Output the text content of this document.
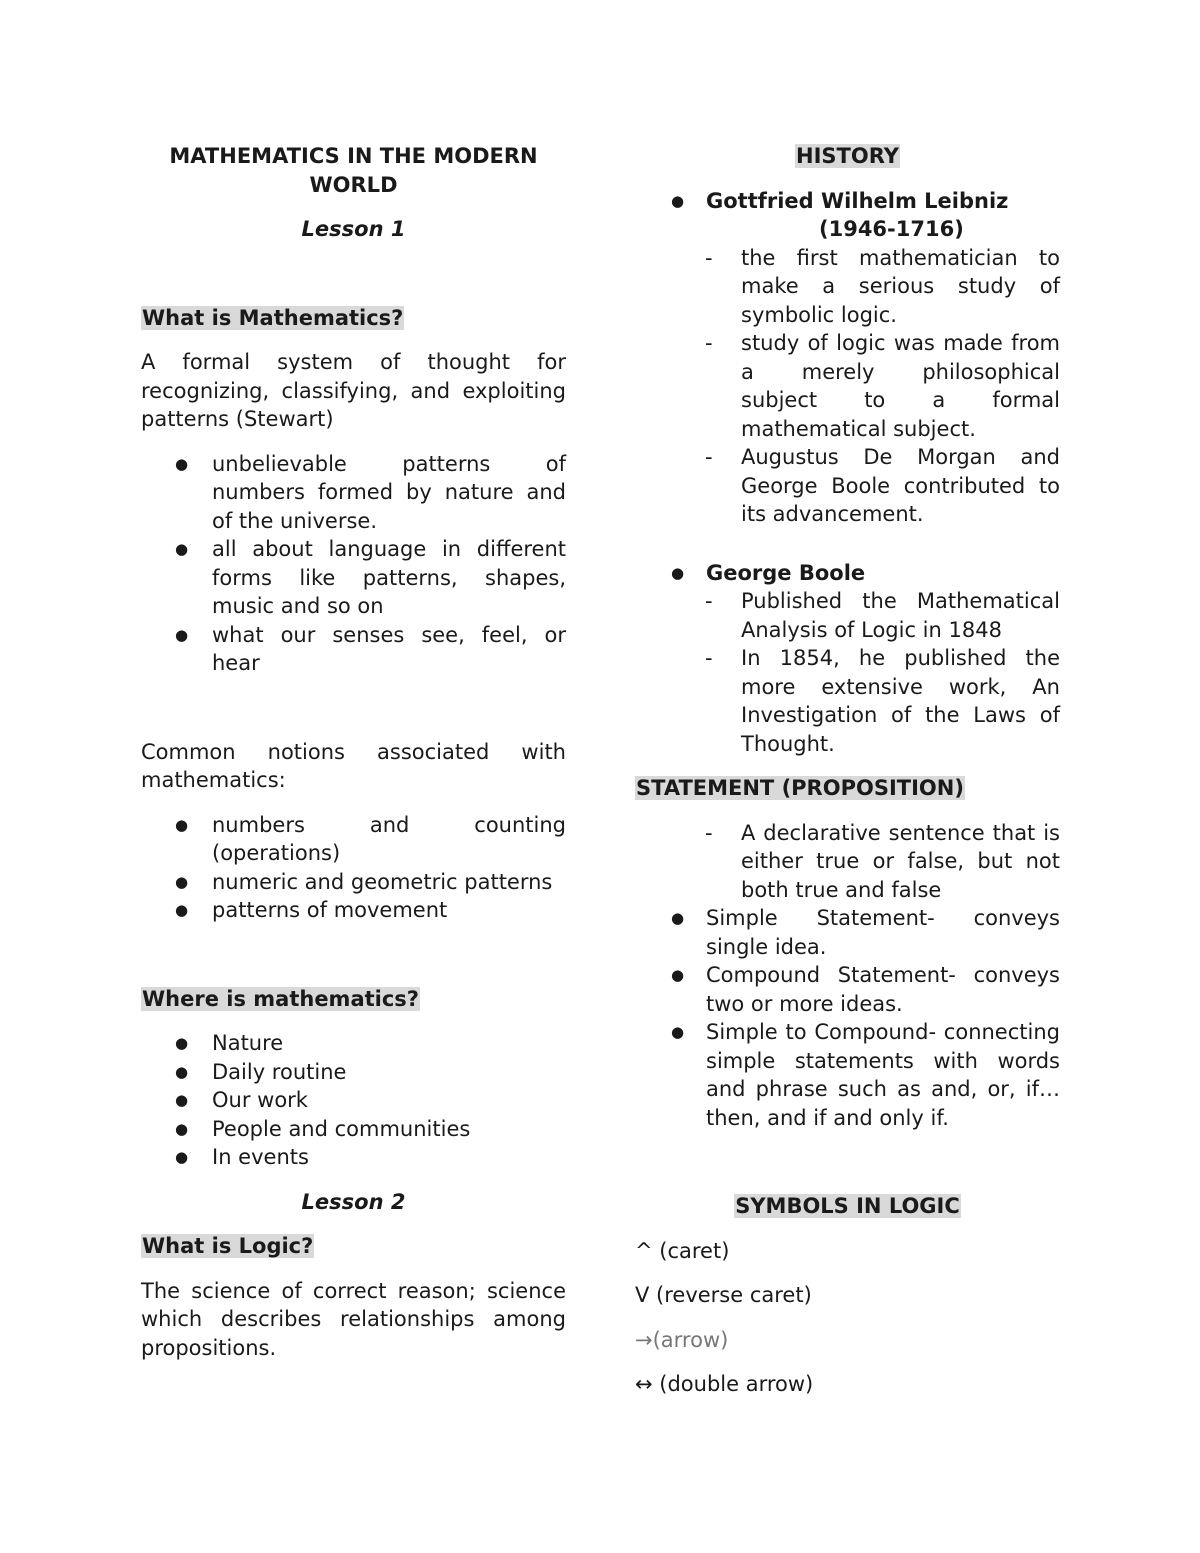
MATHEMATICS IN THE MODERN WORLD

Lesson 1

What is Mathematics?

A formal system of thought for recognizing, classifying, and exploiting patterns (Stewart)

● unbelievable patterns of numbers formed by nature and of the universe.
● all about language in different forms like patterns, shapes, music and so on
● what our senses see, feel, or hear

Common notions associated with mathematics:

● numbers and counting (operations)
● numeric and geometric patterns
● patterns of movement

Where is mathematics?

● Nature
● Daily routine
● Our work
● People and communities
● In events

Lesson 2

What is Logic?

The science of correct reason; science which describes relationships among propositions.

HISTORY

● Gottfried Wilhelm Leibniz
(1946-1716)
- the first mathematician to make a serious study of symbolic logic.
- study of logic was made from a merely philosophical subject to a formal mathematical subject.
- Augustus De Morgan and George Boole contributed to its advancement.
● George Boole
- Published the Mathematical Analysis of Logic in 1848
- In 1854, he published the more extensive work, An Investigation of the Laws of Thought.

STATEMENT (PROPOSITION)

- A declarative sentence that is either true or false, but not both true and false
● Simple Statement- conveys single idea.
● Compound Statement- conveys two or more ideas.
● Simple to Compound- connecting simple statements with words and phrase such as and, or, if…then, and if and only if.

SYMBOLS IN LOGIC

^ (caret)

V (reverse caret)

→(arrow)

↔ (double arrow)
